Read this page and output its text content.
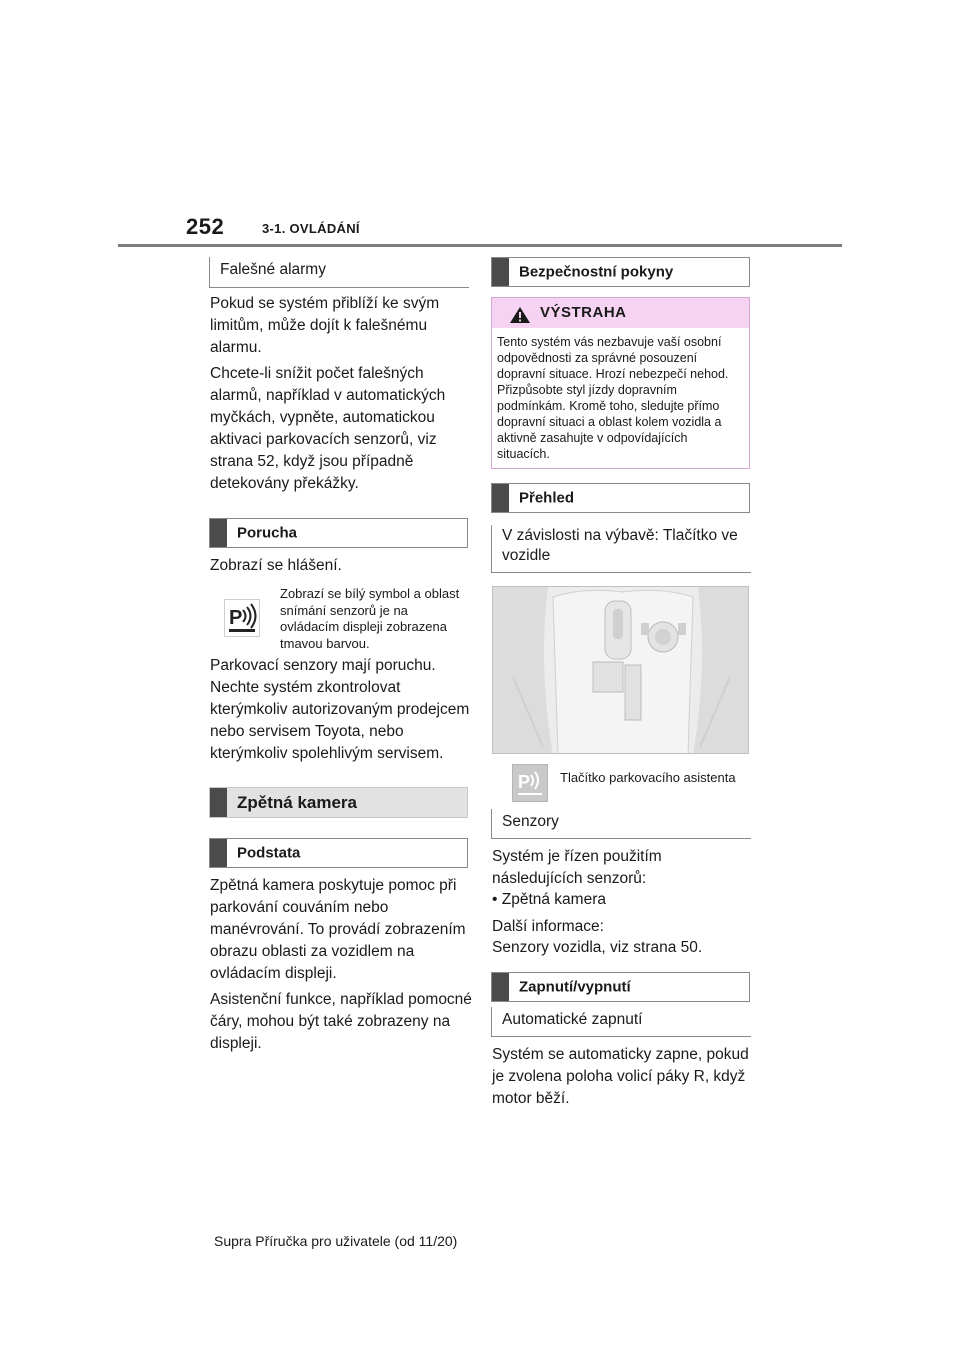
252	3-1. OVLÁDÁNÍ
Falešné alarmy

Pokud se systém přiblíží ke svým limitům, může dojít k falešnému alarmu.

Chcete-li snížit počet falešných alarmů, například v automatických myčkách, vypněte, automatickou aktivaci parkovacích senzorů, viz strana 52, když jsou případně detekovány překážky.

Porucha

Zobrazí se hlášení.

P

Zobrazí se bílý symbol a oblast snímání senzorů je na ovládacím displeji zobrazena tmavou barvou.

Parkovací senzory mají poruchu. Nechte systém zkontrolovat kterýmkoliv autorizovaným prodejcem nebo servisem Toyota, nebo kterýmkoliv spolehlivým servisem.

Zpětná kamera
Podstata

Zpětná kamera poskytuje pomoc při parkování couváním nebo manévrování. To provádí zobrazením obrazu oblasti za vozidlem na ovládacím displeji.

Asistenční funkce, například pomocné čáry, mohou být také zobrazeny na displeji.

Bezpečnostní pokyny
VÝSTRAHA
Tento systém vás nezbavuje vaší osobní odpovědnosti za správné posouzení dopravní situace. Hrozí nebezpečí nehod. Přizpůsobte styl jízdy dopravním podmínkám. Kromě toho, sledujte přímo dopravní situaci a oblast kolem vozidla a aktivně zasahujte v odpovídajících situacích.
Přehled
V závislosti na výbavě: Tlačítko ve vozidle
P Tlačítko parkovacího asistenta
Senzory

Systém je řízen použitím následujících senzorů:

• Zpětná kamera

Další informace:

Senzory vozidla, viz strana 50.

Zapnutí/vypnutí
Automatické zapnutí

Systém se automaticky zapne, pokud je zvolena poloha volicí páky R, když motor běží.

Supra Příručka pro uživatele (od 11/20)
